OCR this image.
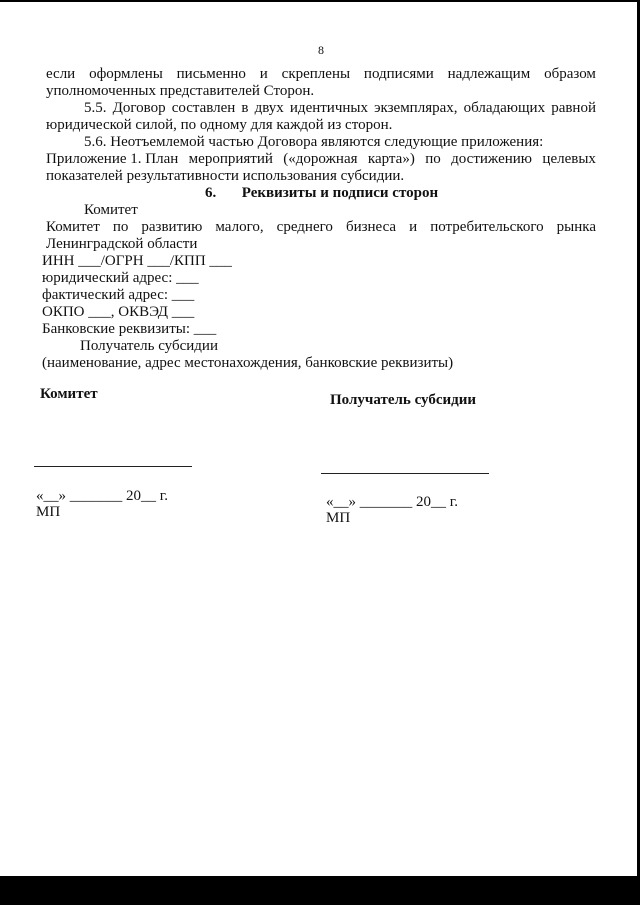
8
если оформлены письменно и скреплены подписями надлежащим образом
уполномоченных представителей Сторон.
5.5. Договор составлен в двух идентичных экземплярах, обладающих равной
юридической силой, по одному для каждой из сторон.
5.6. Неотъемлемой частью Договора являются следующие приложения:
Приложение 1. План мероприятий («дорожная карта») по достижению целевых
показателей результативности использования субсидии.
6. Реквизиты и подписи сторон
Комитет
Комитет по развитию малого, среднего бизнеса и потребительского рынка
Ленинградской области
ИНН ___/ОГРН ___/КПП ___
юридический адрес: ___
фактический адрес: ___
ОКПО ___, ОКВЭД ___
Банковские реквизиты: ___
Получатель субсидии
(наименование, адрес местонахождения, банковские реквизиты)
Комитет	Получатель субсидии
«__» _______ 20__ г.
МП
«__» _______ 20__ г.
МП
